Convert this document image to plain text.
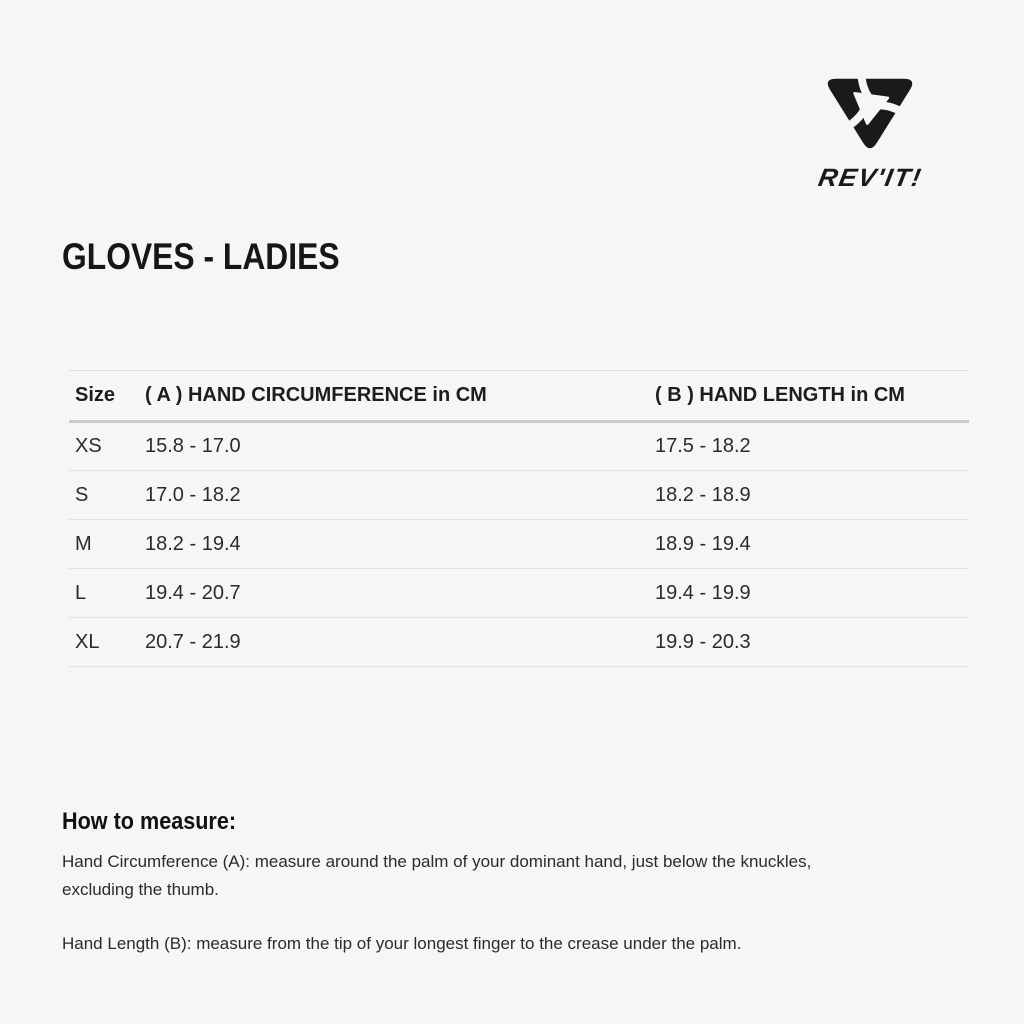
REV'IT!
GLOVES - LADIES
Size	( A ) HAND CIRCUMFERENCE in CM	( B ) HAND LENGTH in CM
XS	15.8 - 17.0	17.5 - 18.2
S	17.0 - 18.2	18.2 - 18.9
M	18.2 - 19.4	18.9 - 19.4
L	19.4 - 20.7	19.4 - 19.9
XL	20.7 - 21.9	19.9 - 20.3
How to measure:

Hand Circumference (A): measure around the palm of your dominant hand, just below the knuckles, excluding the thumb.

Hand Length (B): measure from the tip of your longest finger to the crease under the palm.
